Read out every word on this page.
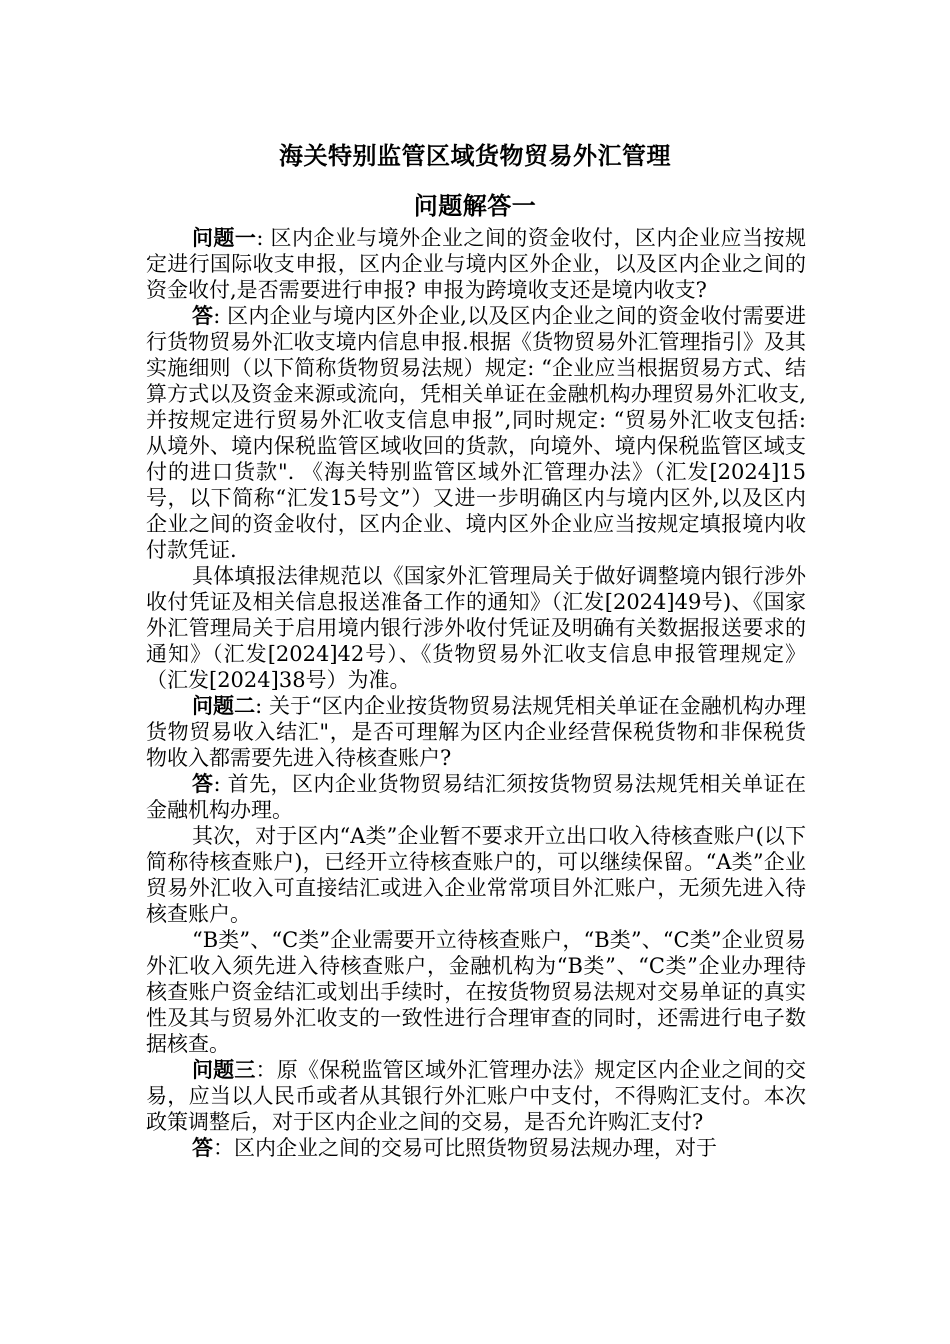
海关特别监管区域货物贸易外汇管理
问题解答一

问题一: 区内企业与境外企业之间的资金收付，区内企业应当按规定进行国际收支申报，区内企业与境内区外企业，以及区内企业之间的资金收付,是否需要进行申报? 申报为跨境收支还是境内收支?

答: 区内企业与境内区外企业,以及区内企业之间的资金收付需要进行货物贸易外汇收支境内信息申报.根据《货物贸易外汇管理指引》及其实施细则（以下简称货物贸易法规）规定: “企业应当根据贸易方式、结算方式以及资金来源或流向，凭相关单证在金融机构办理贸易外汇收支,并按规定进行贸易外汇收支信息申报”,同时规定: “贸易外汇收支包括: 从境外、境内保税监管区域收回的货款，向境外、境内保税监管区域支付的进口货款". 《海关特别监管区域外汇管理办法》（汇发[2024]15号，以下简称“汇发15号文”）又进一步明确区内与境内区外,以及区内企业之间的资金收付，区内企业、境内区外企业应当按规定填报境内收付款凭证.

具体填报法律规范以《国家外汇管理局关于做好调整境内银行涉外收付凭证及相关信息报送准备工作的通知》（汇发[2024]49号)、《国家外汇管理局关于启用境内银行涉外收付凭证及明确有关数据报送要求的通知》（汇发[2024]42号）、《货物贸易外汇收支信息申报管理规定》（汇发[2024]38号）为准。

问题二: 关于“区内企业按货物贸易法规凭相关单证在金融机构办理货物贸易收入结汇"，是否可理解为区内企业经营保税货物和非保税货物收入都需要先进入待核查账户?

答: 首先，区内企业货物贸易结汇须按货物贸易法规凭相关单证在金融机构办理。

其次，对于区内“A类”企业暂不要求开立出口收入待核查账户(以下简称待核查账户)，已经开立待核查账户的，可以继续保留。“A类”企业贸易外汇收入可直接结汇或进入企业常常项目外汇账户，无须先进入待核查账户。

“B类”、“C类”企业需要开立待核查账户，“B类”、“C类”企业贸易外汇收入须先进入待核查账户，金融机构为“B类”、“C类”企业办理待核查账户资金结汇或划出手续时，在按货物贸易法规对交易单证的真实性及其与贸易外汇收支的一致性进行合理审查的同时，还需进行电子数据核查。

问题三：原《保税监管区域外汇管理办法》规定区内企业之间的交易，应当以人民币或者从其银行外汇账户中支付，不得购汇支付。本次政策调整后，对于区内企业之间的交易，是否允许购汇支付?

答：区内企业之间的交易可比照货物贸易法规办理，对于
